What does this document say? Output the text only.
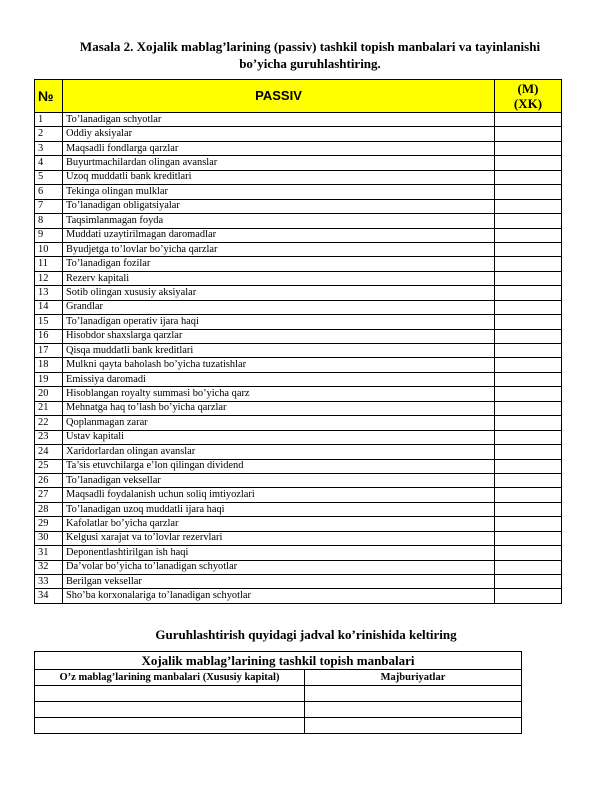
Masala 2. Xojalik mablag’larining (passiv) tashkil topish manbalari va tayinlanishi
bo’yicha guruhlashtiring.
№	PASSIV	(M)
(XK)

1	To’lanadigan schyotlar	
2	Oddiy aksiyalar	
3	Maqsadli fondlarga qarzlar	
4	Buyurtmachilardan olingan avanslar	
5	Uzoq muddatli bank kreditlari	
6	Tekinga olingan mulklar	
7	To’lanadigan obligatsiyalar	
8	Taqsimlanmagan foyda	
9	Muddati uzaytirilmagan daromadlar	
10	Byudjetga to’lovlar bo’yicha qarzlar	
11	To’lanadigan fozilar	
12	Rezerv kapitali	
13	Sotib olingan xususiy aksiyalar	
14	Grandlar	
15	To’lanadigan operativ ijara haqi	
16	Hisobdor shaxslarga qarzlar	
17	Qisqa muddatli bank kreditlari	
18	Mulkni qayta baholash bo’yicha tuzatishlar	
19	Emissiya daromadi	
20	Hisoblangan royalty summasi bo’yicha qarz	
21	Mehnatga haq to’lash bo’yicha qarzlar	
22	Qoplanmagan zarar	
23	Ustav kapitali	
24	Xaridorlardan olingan avanslar	
25	Ta’sis etuvchilarga e’lon qilingan dividend	
26	To’lanadigan veksellar	
27	Maqsadli foydalanish uchun soliq imtiyozlari	
28	To’lanadigan uzoq muddatli ijara haqi	
29	Kafolatlar bo’yicha qarzlar	
30	Kelgusi xarajat va to’lovlar rezervlari	
31	Deponentlashtirilgan ish haqi	
32	Da’volar bo’yicha to’lanadigan schyotlar	
33	Berilgan veksellar	
34	Sho’ba korxonalariga to’lanadigan schyotlar	
Guruhlashtirish quyidagi jadval ko’rinishida keltiring
Xojalik mablag’larining tashkil topish manbalari	
O’z mablag’larining manbalari (Xususiy kapital)	Majburiyatlar
